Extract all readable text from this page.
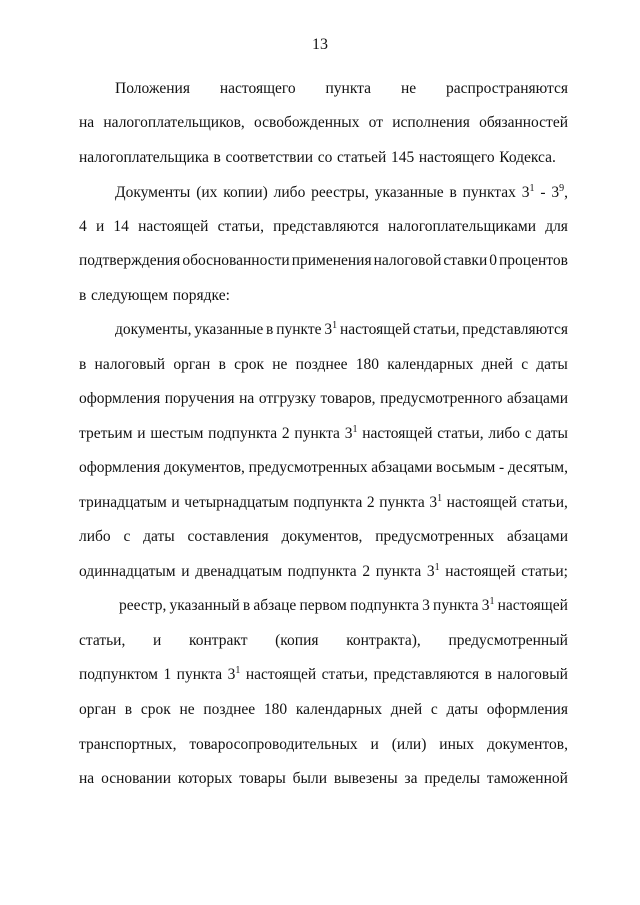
13
Положения настоящего пункта не распространяются
на налогоплательщиков, освобожденных от исполнения обязанностей
налогоплательщика в соответствии со статьей 145 настоящего Кодекса.
Документы (их копии) либо реестры, указанные в пунктах $3^1 - 3^9$,
4 и 14 настоящей статьи, представляются налогоплательщиками для
подтверждения обоснованности применения налоговой ставки 0 процентов
в следующем порядке:
документы, указанные в пункте $3^1$ настоящей статьи, представляются
в налоговый орган в срок не позднее 180 календарных дней с даты
оформления поручения на отгрузку товаров, предусмотренного абзацами
третьим и шестым подпункта 2 пункта $3^1$ настоящей статьи, либо с даты
оформления документов, предусмотренных абзацами восьмым - десятым,
тринадцатым и четырнадцатым подпункта 2 пункта $3^1$ настоящей статьи,
либо с даты составления документов, предусмотренных абзацами
одиннадцатым и двенадцатым подпункта 2 пункта $3^1$ настоящей статьи;
реестр, указанный в абзаце первом подпункта 3 пункта $3^1$ настоящей
статьи, и контракт (копия контракта), предусмотренный
подпунктом 1 пункта $3^1$ настоящей статьи, представляются в налоговый
орган в срок не позднее 180 календарных дней с даты оформления
транспортных, товаросопроводительных и (или) иных документов,
на основании которых товары были вывезены за пределы таможенной
